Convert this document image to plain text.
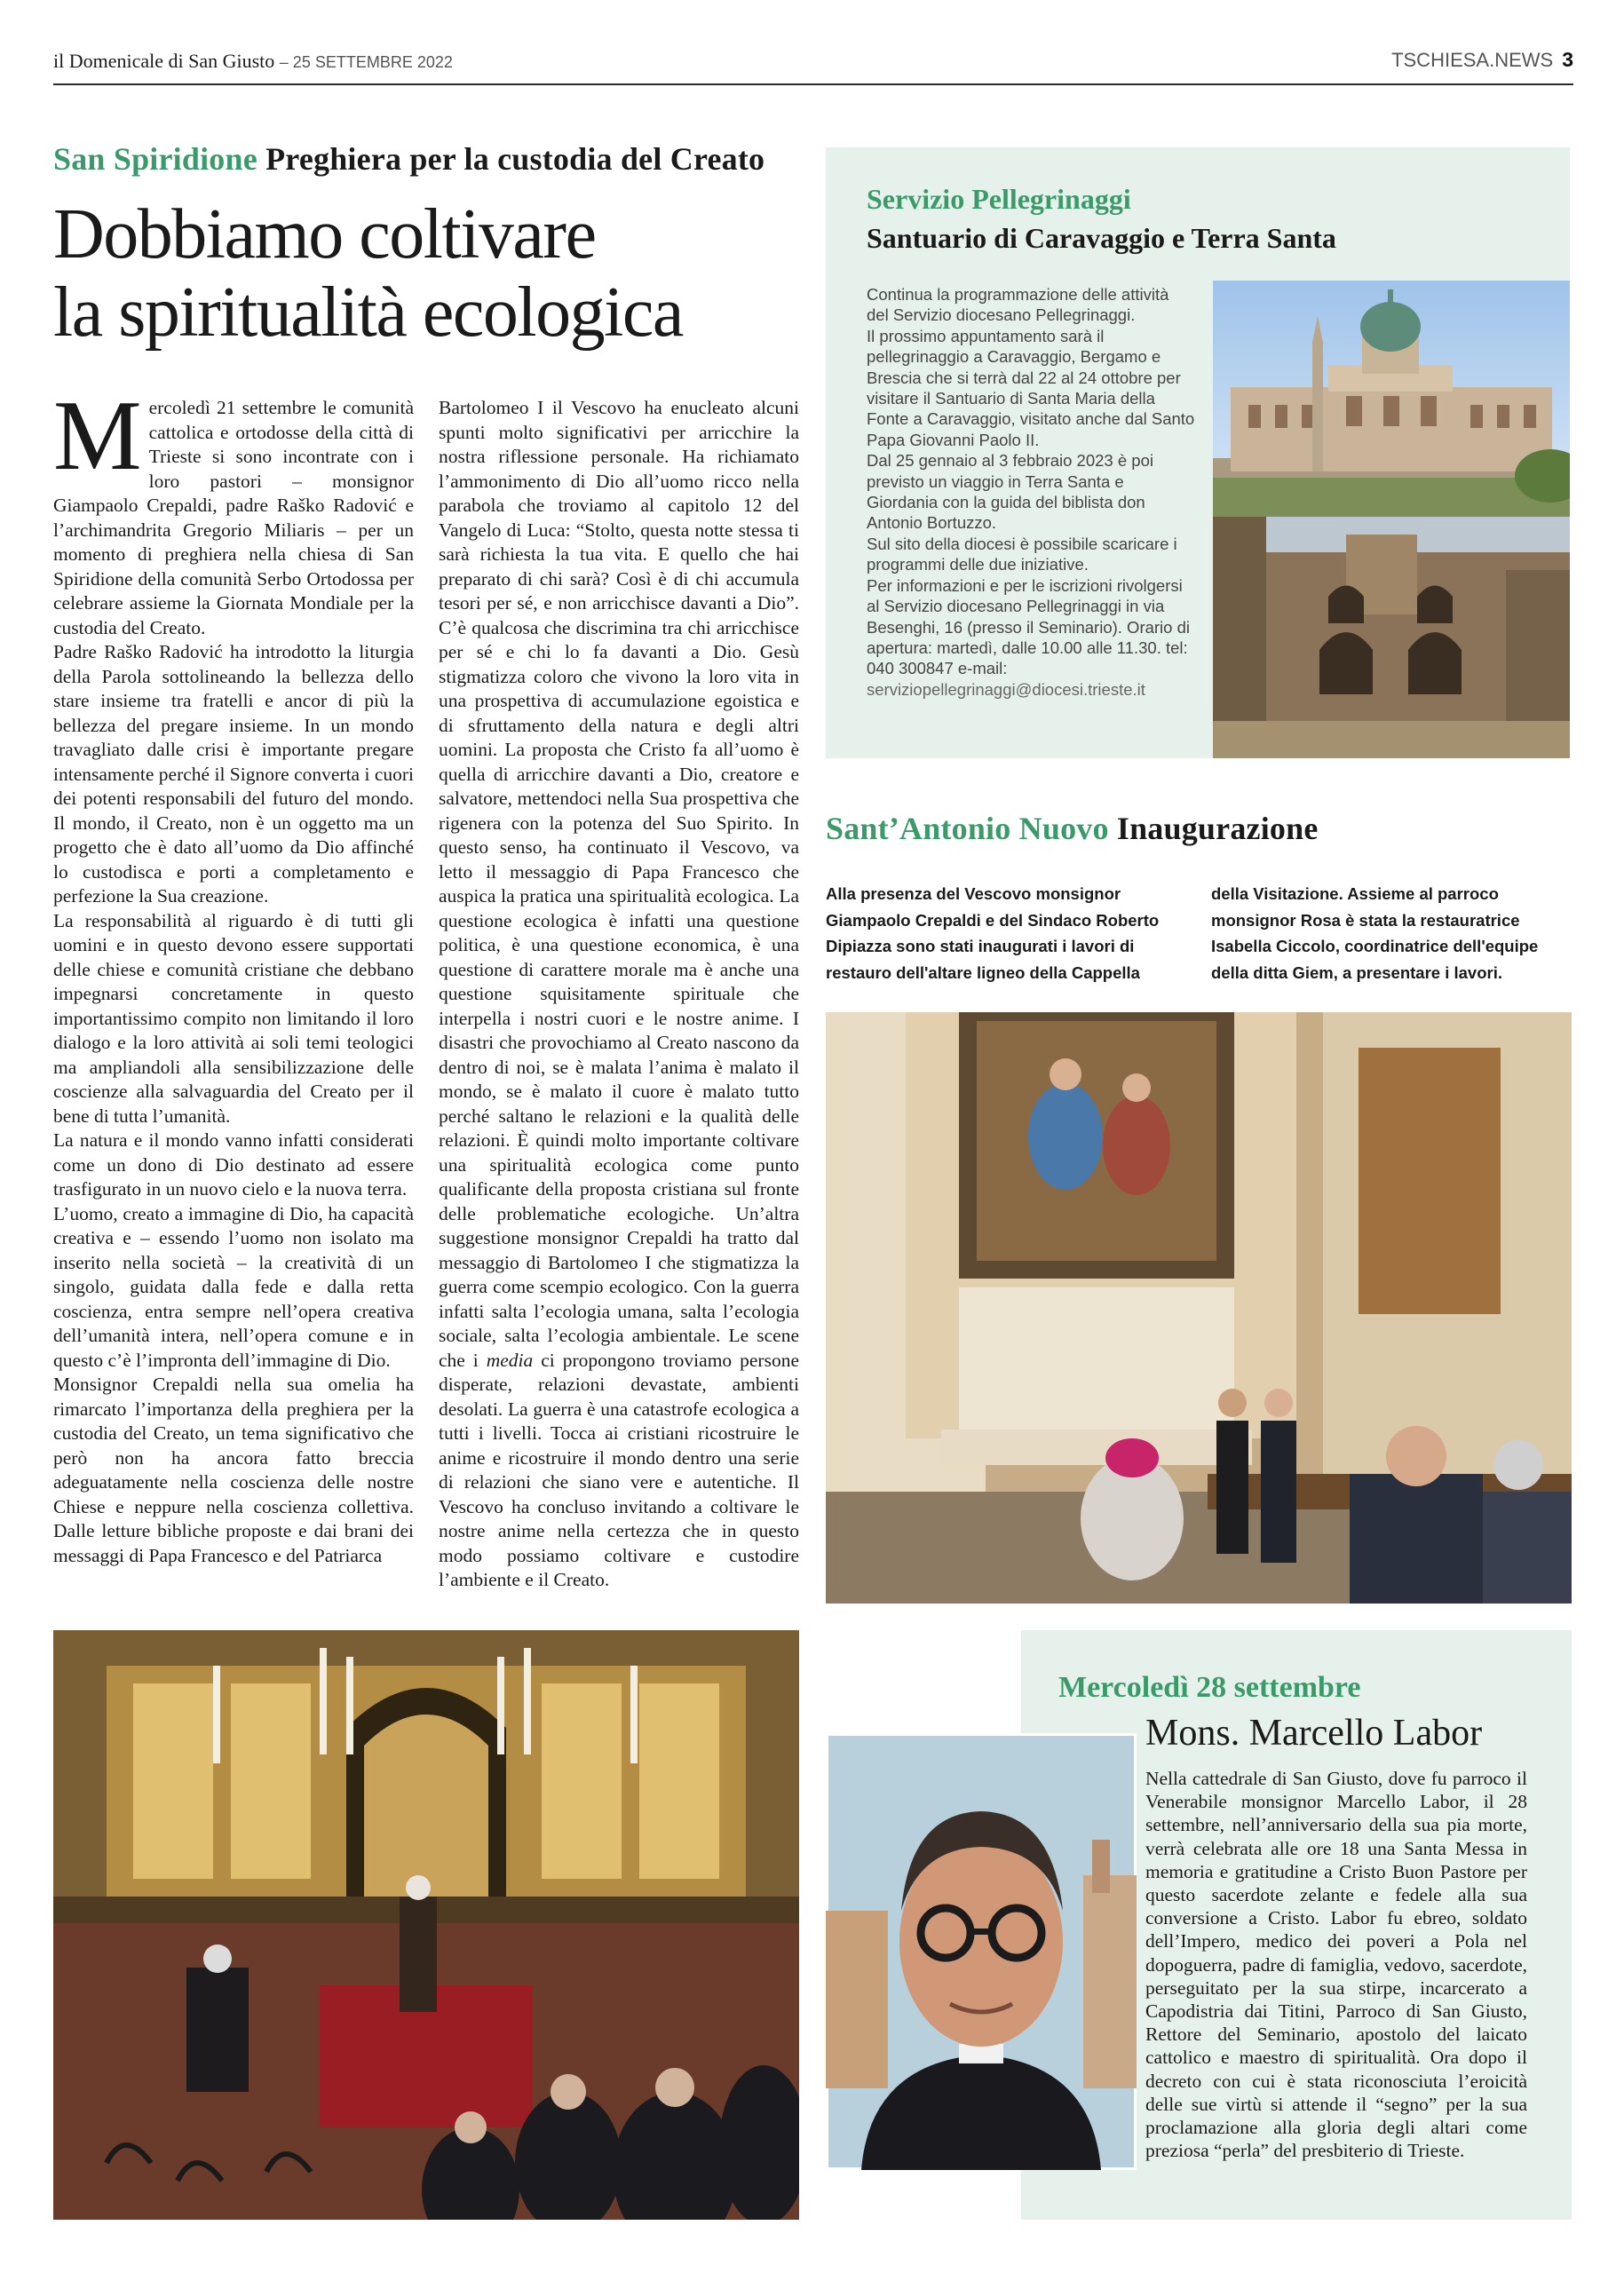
il Domenicale di San Giusto – 25 SETTEMBRE 2022	TSCHIESA.NEWS 3
San Spiridione Preghiera per la custodia del Creato
Dobbiamo coltivare
la spiritualità ecologica

Mercoledì 21 settembre le comunità cattolica e ortodosse della città di Trieste si sono incontrate con i loro pastori – monsignor Giampaolo Crepaldi, padre Raško Radović e l’archimandrita Gregorio Miliaris – per un momento di preghiera nella chiesa di San Spiridione della comunità Serbo Ortodossa per celebrare assieme la Giornata Mondiale per la custodia del Creato.

Padre Raško Radović ha introdotto la liturgia della Parola sottolineando la bellezza dello stare insieme tra fratelli e ancor di più la bellezza del pregare insieme. In un mondo travagliato dalle crisi è importante pregare intensamente perché il Signore converta i cuori dei potenti responsabili del futuro del mondo. Il mondo, il Creato, non è un oggetto ma un progetto che è dato all’uomo da Dio affinché lo custodisca e porti a completamento e perfezione la Sua creazione.

La responsabilità al riguardo è di tutti gli uomini e in questo devono essere supportati delle chiese e comunità cristiane che debbano impegnarsi concretamente in questo importantissimo compito non limitando il loro dialogo e la loro attività ai soli temi teologici ma ampliandoli alla sensibilizzazione delle coscienze alla salvaguardia del Creato per il bene di tutta l’umanità.

La natura e il mondo vanno infatti considerati come un dono di Dio destinato ad essere trasfigurato in un nuovo cielo e la nuova terra.

L’uomo, creato a immagine di Dio, ha capacità creativa e – essendo l’uomo non isolato ma inserito nella società – la creatività di un singolo, guidata dalla fede e dalla retta coscienza, entra sempre nell’opera creativa dell’umanità intera, nell’opera comune e in questo c’è l’impronta dell’immagine di Dio.

Monsignor Crepaldi nella sua omelia ha rimarcato l’importanza della preghiera per la custodia del Creato, un tema significativo che però non ha ancora fatto breccia adeguatamente nella coscienza delle nostre Chiese e neppure nella coscienza collettiva. Dalle letture bibliche proposte e dai brani dei messaggi di Papa Francesco e del Patriarca

Bartolomeo I il Vescovo ha enucleato alcuni spunti molto significativi per arricchire la nostra riflessione personale. Ha richiamato l’ammonimento di Dio all’uomo ricco nella parabola che troviamo al capitolo 12 del Vangelo di Luca: “Stolto, questa notte stessa ti sarà richiesta la tua vita. E quello che hai preparato di chi sarà? Così è di chi accumula tesori per sé, e non arricchisce davanti a Dio”. C’è qualcosa che discrimina tra chi arricchisce per sé e chi lo fa davanti a Dio. Gesù stigmatizza coloro che vivono la loro vita in una prospettiva di accumulazione egoistica e di sfruttamento della natura e degli altri uomini. La proposta che Cristo fa all’uomo è quella di arricchire davanti a Dio, creatore e salvatore, mettendoci nella Sua prospettiva che rigenera con la potenza del Suo Spirito. In questo senso, ha continuato il Vescovo, va letto il messaggio di Papa Francesco che auspica la pratica una spiritualità ecologica. La questione ecologica è infatti una questione politica, è una questione economica, è una questione di carattere morale ma è anche una questione squisitamente spirituale che interpella i nostri cuori e le nostre anime. I disastri che provochiamo al Creato nascono da dentro di noi, se è malata l’anima è malato il mondo, se è malato il cuore è malato tutto perché saltano le relazioni e la qualità delle relazioni. È quindi molto importante coltivare una spiritualità ecologica come punto qualificante della proposta cristiana sul fronte delle problematiche ecologiche. Un’altra suggestione monsignor Crepaldi ha tratto dal messaggio di Bartolomeo I che stigmatizza la guerra come scempio ecologico. Con la guerra infatti salta l’ecologia umana, salta l’ecologia sociale, salta l’ecologia ambientale. Le scene che i media ci propongono troviamo persone disperate, relazioni devastate, ambienti desolati. La guerra è una catastrofe ecologica a tutti i livelli. Tocca ai cristiani ricostruire le anime e ricostruire il mondo dentro una serie di relazioni che siano vere e autentiche. Il Vescovo ha concluso invitando a coltivare le nostre anime nella certezza che in questo modo possiamo coltivare e custodire l’ambiente e il Creato.

Servizio Pellegrinaggi
Santuario di Caravaggio e Terra Santa

Continua la programmazione delle attività del Servizio diocesano Pellegrinaggi.

Il prossimo appuntamento sarà il pellegrinaggio a Caravaggio, Bergamo e Brescia che si terrà dal 22 al 24 ottobre per visitare il Santuario di Santa Maria della Fonte a Caravaggio, visitato anche dal Santo Papa Giovanni Paolo II.

Dal 25 gennaio al 3 febbraio 2023 è poi previsto un viaggio in Terra Santa e Giordania con la guida del biblista don Antonio Bortuzzo.

Sul sito della diocesi è possibile scaricare i programmi delle due iniziative.

Per informazioni e per le iscrizioni rivolgersi al Servizio diocesano Pellegrinaggi in via Besenghi, 16 (presso il Seminario). Orario di apertura: martedì, dalle 10.00 alle 11.30. tel: 040 300847 e-mail:

serviziopellegrinaggi@diocesi.trieste.it

Sant’Antonio Nuovo Inaugurazione
Alla presenza del Vescovo monsignor Giampaolo Crepaldi e del Sindaco Roberto Dipiazza sono stati inaugurati i lavori di restauro dell'altare ligneo della Cappella
della Visitazione. Assieme al parroco monsignor Rosa è stata la restauratrice Isabella Ciccolo, coordinatrice dell'equipe della ditta Giem, a presentare i lavori.
Mercoledì 28 settembre
Mons. Marcello Labor

Nella cattedrale di San Giusto, dove fu parroco il Venerabile monsignor Marcello Labor, il 28 settembre, nell’anniversario della sua pia morte, verrà celebrata alle ore 18 una Santa Messa in memoria e gratitudine a Cristo Buon Pastore per questo sacerdote zelante e fedele alla sua conversione a Cristo. Labor fu ebreo, soldato dell’Impero, medico dei poveri a Pola nel dopoguerra, padre di famiglia, vedovo, sacerdote, perseguitato per la sua stirpe, incarcerato a Capodistria dai Titini, Parroco di San Giusto, Rettore del Seminario, apostolo del laicato cattolico e maestro di spiritualità. Ora dopo il decreto con cui è stata riconosciuta l’eroicità delle sue virtù si attende il “segno” per la sua proclamazione alla gloria degli altari come preziosa “perla” del presbiterio di Trieste.
